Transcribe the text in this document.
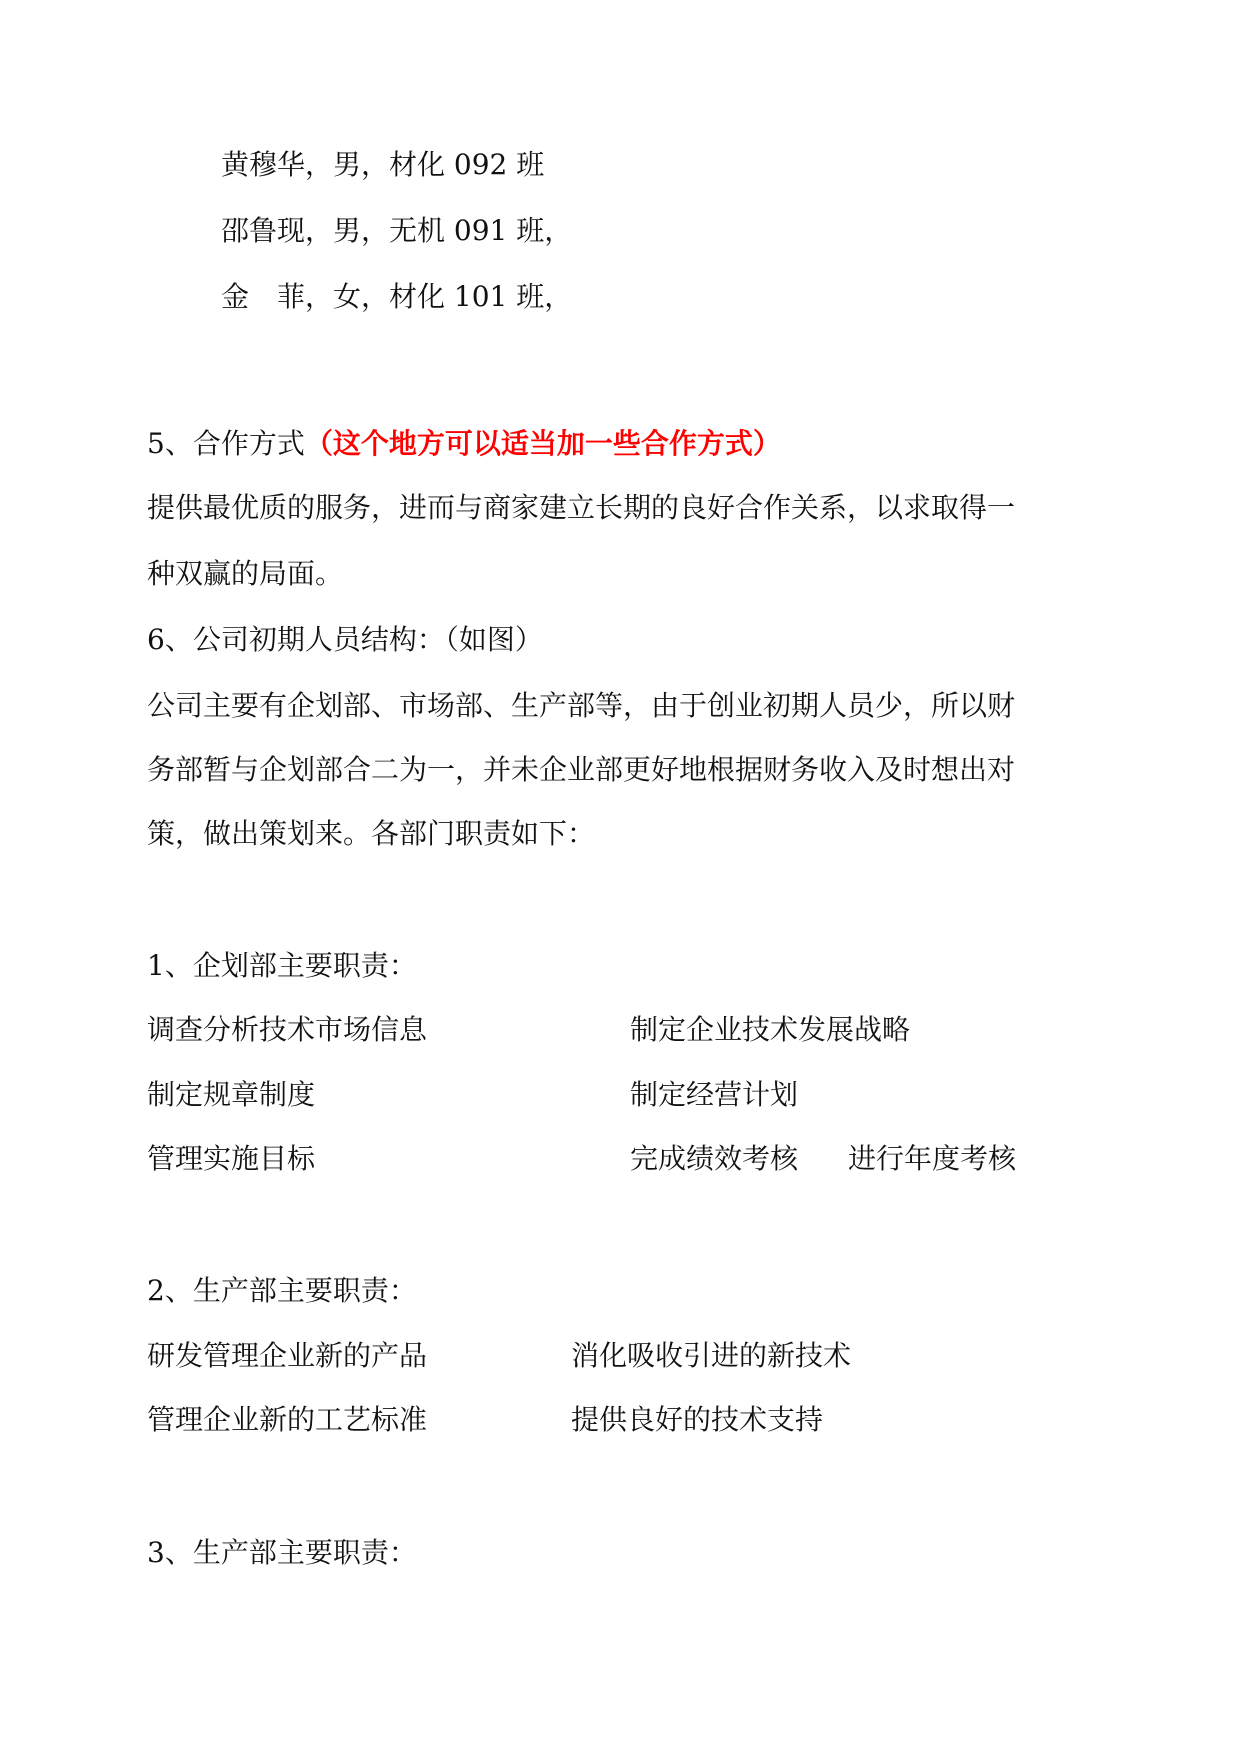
黄穆华，男，材化 092 班
邵鲁现，男，无机 091 班，
金　菲，女，材化 101 班，
5、合作方式（这个地方可以适当加一些合作方式）
提供最优质的服务，进而与商家建立长期的良好合作关系，以求取得一
种双赢的局面。
6、公司初期人员结构：（如图）
公司主要有企划部、市场部、生产部等，由于创业初期人员少，所以财
务部暂与企划部合二为一，并未企业部更好地根据财务收入及时想出对
策，做出策划来。各部门职责如下：
1、企划部主要职责：
调查分析技术市场信息	制定企业技术发展战略
制定规章制度	制定经营计划
管理实施目标	完成绩效考核 进行年度考核
2、生产部主要职责：
研发管理企业新的产品	消化吸收引进的新技术
管理企业新的工艺标准	提供良好的技术支持
3、生产部主要职责：
